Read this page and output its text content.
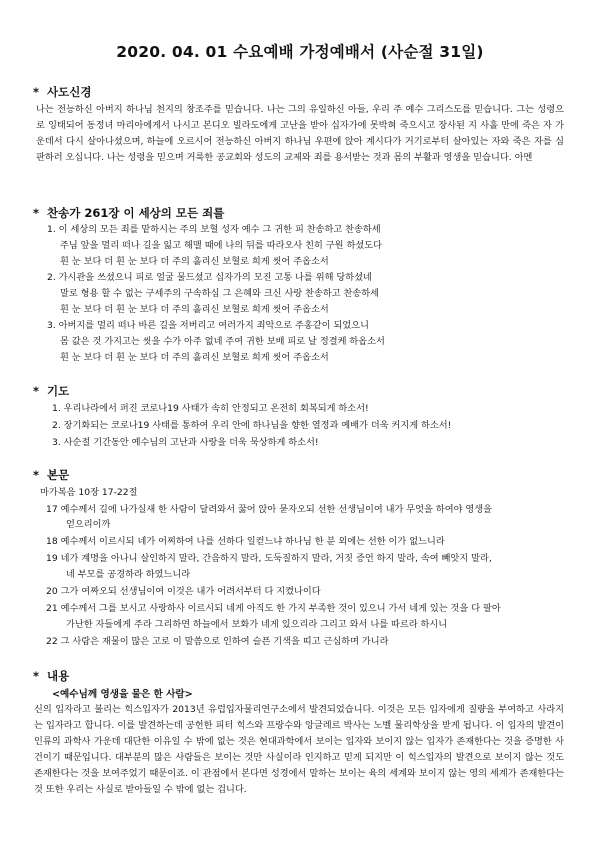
2020. 04. 01 수요예배 가정예배서 (사순절 31일)
* 사도신경
나는 전능하신 아버지 하나님 천지의 창조주를 믿습니다. 나는 그의 유일하신 아들, 우리 주 예수 그리스도를 믿습니다. 그는 성령으로 잉태되어 동정녀 마리아에게서 나시고 본디오 빌라도에게 고난을 받아 십자가에 못박혀 죽으시고 장사된 지 사흘 만에 죽은 자 가운데서 다시 살아나셨으며, 하늘에 오르시어 전능하신 아버지 하나님 우편에 앉아 계시다가 거기로부터 살아있는 자와 죽은 자를 심판하러 오십니다. 나는 성령을 믿으며 거룩한 공교회와 성도의 교제와 죄를 용서받는 것과 몸의 부활과 영생을 믿습니다. 아멘
* 찬송가 261장 이 세상의 모든 죄를
1. 이 세상의 모든 죄를 맡하시는 주의 보혈 성자 예수 그 귀한 피 찬송하고 찬송하세
주님 앞을 멀리 떠나 길을 잃고 해맬 때에 나의 뒤를 따라오사 친히 구원 하셨도다
흰 눈 보다 더 흰 눈 보다 더 주의 흘리신 보혈로 희게 씻어 주옵소서
2. 가시관을 쓰셨으니 피로 얼굴 물드셨고 십자가의 모진 고통 나를 위해 당하셨네
말로 형용 할 수 없는 구세주의 구속하심 그 은혜와 크신 사랑 찬송하고 찬송하세
흰 눈 보다 더 흰 눈 보다 더 주의 흘리신 보혈로 희게 씻어 주옵소서
3. 아버지를 멀리 떠나 바른 길을 저버리고 여러가지 죄악으로 주홍같이 되었으니
몸 값은 것 가지고는 씻을 수가 아주 없네 주여 귀한 보배 피로 날 정결케 하옵소서
흰 눈 보다 더 흰 눈 보다 더 주의 흘리신 보혈로 희게 씻어 주옵소서
* 기도
1. 우리나라에서 퍼진 코로나19 사태가 속히 안정되고 온전히 회복되게 하소서!
2. 장기화되는 코로나19 사태를 통하여 우리 안에 하나님을 향한 열정과 예배가 더욱 커지게 하소서!
3. 사순절 기간동안 예수님의 고난과 사랑을 더욱 묵상하게 하소서!
* 본문
마가복음 10장 17-22절
17 예수께서 길에 나가실새 한 사람이 달려와서 꿇어 앉아 묻자오되 선한 선생님이여 내가 무엇을 하여야 영생을
얻으리이까
18 예수께서 이르시되 네가 어찌하여 나를 선하다 일컫느냐 하나님 한 분 외에는 선한 이가 없느니라
19 네가 계명을 아나니 살인하지 말라, 간음하지 말라, 도둑질하지 말라, 거짓 증언 하지 말라, 속여 빼앗지 말라,
네 부모를 공경하라 하였느니라
20 그가 여짜오되 선생님이여 이것은 내가 어려서부터 다 지켰나이다
21 예수께서 그를 보시고 사랑하사 이르시되 네게 아직도 한 가지 부족한 것이 있으니 가서 네게 있는 것을 다 팔아
가난한 자들에게 주라 그리하면 하늘에서 보화가 네게 있으리라 그리고 와서 나를 따르라 하시니
22 그 사람은 재물이 많은 고로 이 말씀으로 인하여 슬픈 기색을 띠고 근심하며 가니라
* 내용
<예수님께 영생을 물은 한 사람>
신의 입자라고 불리는 힉스입자가 2013년 유럽입자물리연구소에서 발견되었습니다. 이것은 모든 입자에게 질량을 부여하고 사라지는 입자라고 합니다. 이를 발견하는데 공헌한 피터 힉스와 프랑수와 앙글레르 박사는 노벨 물리학상을 받게 됩니다. 이 입자의 발견이 인류의 과학사 가운데 대단한 이유일 수 밖에 없는 것은 현대과학에서 보이는 입자와 보이지 않는 입자가 존재한다는 것을 증명한 사건이기 때문입니다. 대부분의 많은 사람들은 보이는 것만 사실이라 인지하고 믿게 되지만 이 힉스입자의 발견으로 보이지 않는 것도 존재한다는 것을 보여주었기 때문이죠. 이 관점에서 본다면 성경에서 말하는 보이는 육의 세계와 보이지 않는 영의 세계가 존재한다는 것 또한 우리는 사실로 받아들일 수 밖에 없는 겁니다.
